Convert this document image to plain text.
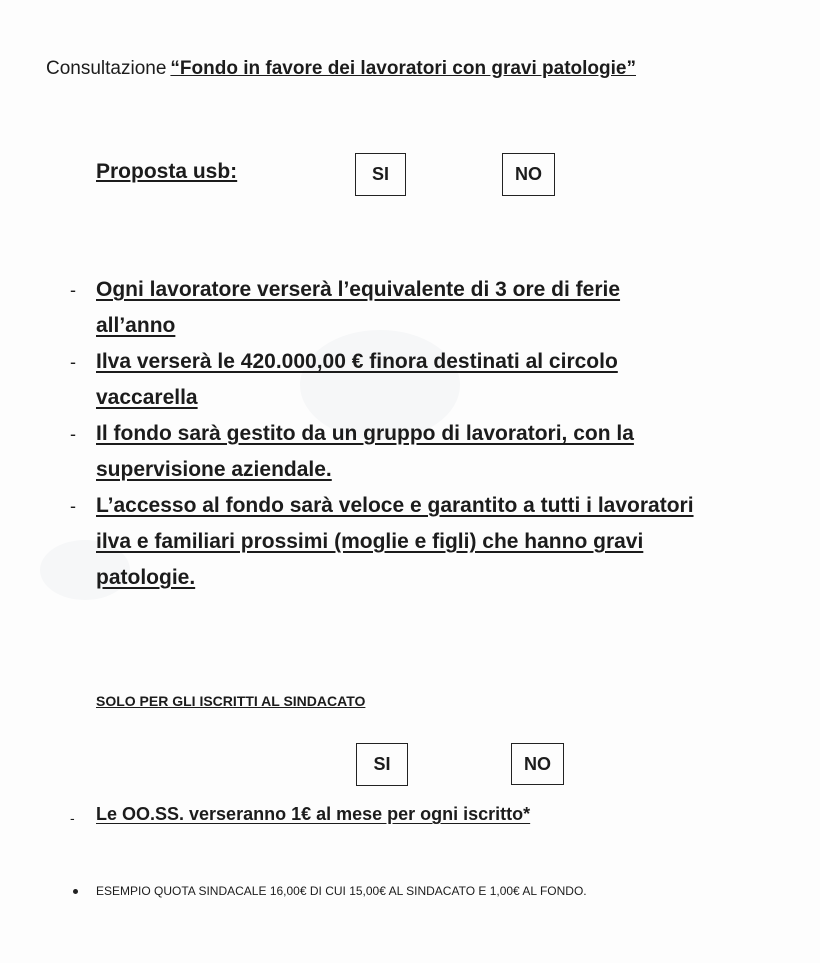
Consultazione “Fondo in favore dei lavoratori con gravi patologie”
Proposta usb:	SI	NO
- Ogni lavoratore verserà l’equivalente di 3 ore di ferie
all’anno
- Ilva verserà le 420.000,00 € finora destinati al circolo
vaccarella
- Il fondo sarà gestito da un gruppo di lavoratori, con la
supervisione aziendale.
- L’accesso al fondo sarà veloce e garantito a tutti i lavoratori
ilva e familiari prossimi (moglie e figli) che hanno gravi
patologie.
SOLO PER GLI ISCRITTI AL SINDACATO
SI	NO
- Le OO.SS. verseranno 1€ al mese per ogni iscritto*
ESEMPIO QUOTA SINDACALE 16,00€ DI CUI 15,00€ AL SINDACATO E 1,00€ AL FONDO.
